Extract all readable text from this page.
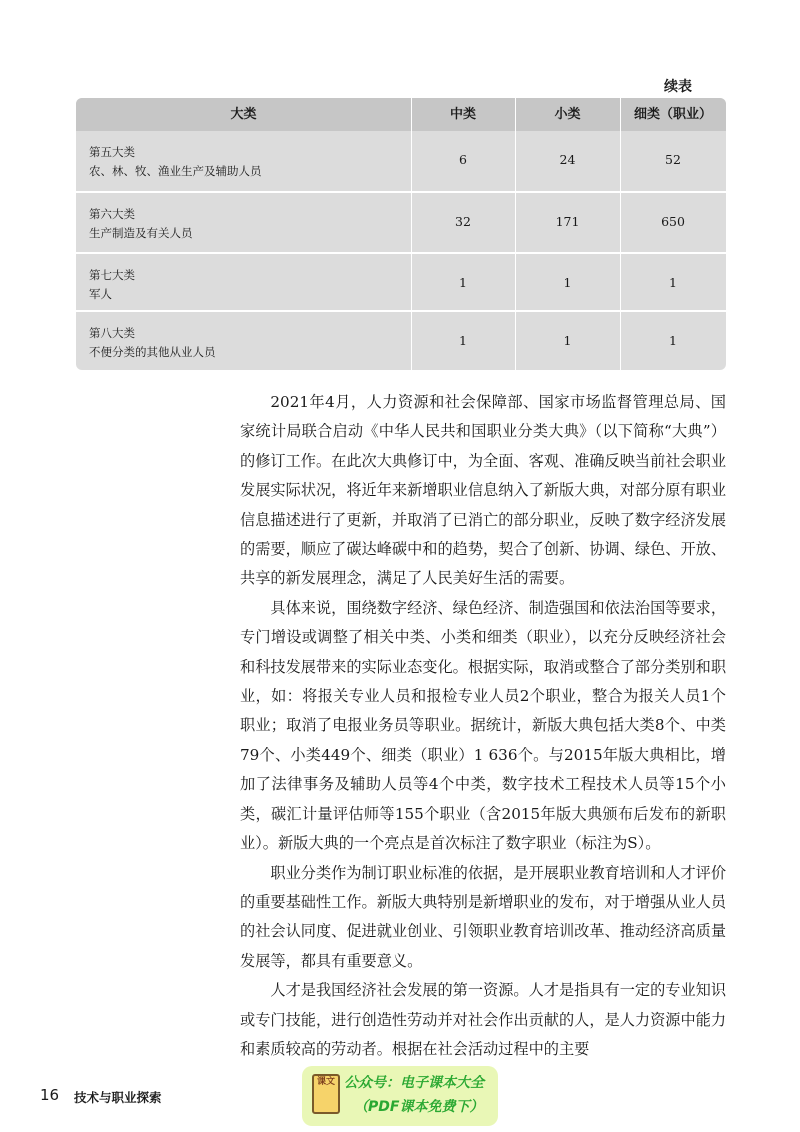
续表
大类	中类	小类	细类（职业）
第五大类
农、林、牧、渔业生产及辅助人员
6	24	52
第六大类
生产制造及有关人员
32	171	650
第七大类
军人
1	1	1
第八大类
不便分类的其他从业人员
1	1	1

2021年4月，人力资源和社会保障部、国家市场监督管理总局、国家统计局联合启动《中华人民共和国职业分类大典》（以下简称“大典”）的修订工作。在此次大典修订中，为全面、客观、准确反映当前社会职业发展实际状况，将近年来新增职业信息纳入了新版大典，对部分原有职业信息描述进行了更新，并取消了已消亡的部分职业，反映了数字经济发展的需要，顺应了碳达峰碳中和的趋势，契合了创新、协调、绿色、开放、共享的新发展理念，满足了人民美好生活的需要。

具体来说，围绕数字经济、绿色经济、制造强国和依法治国等要求，专门增设或调整了相关中类、小类和细类（职业），以充分反映经济社会和科技发展带来的实际业态变化。根据实际，取消或整合了部分类别和职业，如：将报关专业人员和报检专业人员2个职业，整合为报关人员1个职业；取消了电报业务员等职业。据统计，新版大典包括大类8个、中类79个、小类449个、细类（职业）1 636个。与2015年版大典相比，增加了法律事务及辅助人员等4个中类，数字技术工程技术人员等15个小类，碳汇计量评估师等155个职业（含2015年版大典颁布后发布的新职业）。新版大典的一个亮点是首次标注了数字职业（标注为S）。

职业分类作为制订职业标准的依据，是开展职业教育培训和人才评价的重要基础性工作。新版大典特别是新增职业的发布，对于增强从业人员的社会认同度、促进就业创业、引领职业教育培训改革、推动经济高质量发展等，都具有重要意义。

人才是我国经济社会发展的第一资源。人才是指具有一定的专业知识或专门技能，进行创造性劳动并对社会作出贡献的人，是人力资源中能力和素质较高的劳动者。根据在社会活动过程中的主要

16 技术与职业探索
课文 公众号：电子课本大全
（PDF课本免费下）
